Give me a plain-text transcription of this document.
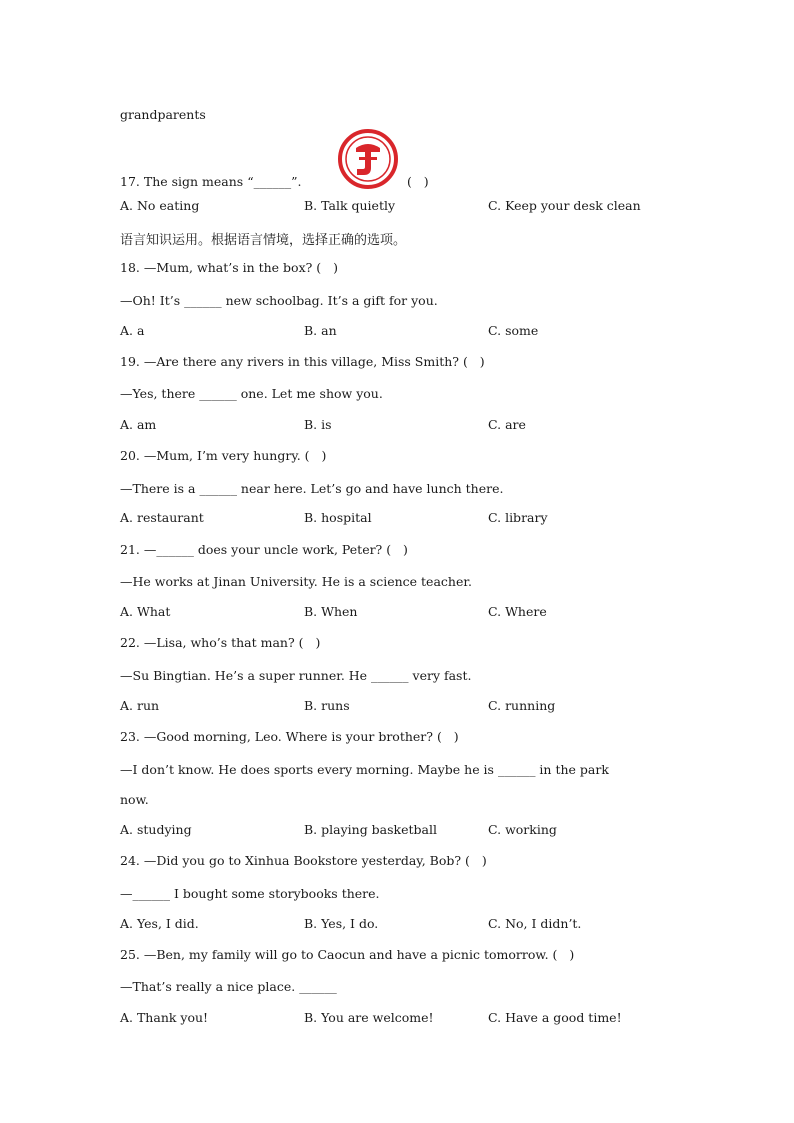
grandparents
17. The sign means “______”.	(   )
A. No eating	B. Talk quietly	C. Keep your desk clean
语言知识运用。根据语言情境，选择正确的选项。
18. —Mum, what’s in the box? (   )
—Oh! It’s ______ new schoolbag. It’s a gift for you.
A. a	B. an	C. some
19. —Are there any rivers in this village, Miss Smith? (   )
—Yes, there ______ one. Let me show you.
A. am	B. is	C. are
20. —Mum, I’m very hungry. (   )
—There is a ______ near here. Let’s go and have lunch there.
A. restaurant	B. hospital	C. library
21. —______ does your uncle work, Peter? (   )
—He works at Jinan University. He is a science teacher.
A. What	B. When	C. Where
22. —Lisa, who’s that man? (   )
—Su Bingtian. He’s a super runner. He ______ very fast.
A. run	B. runs	C. running
23. —Good morning, Leo. Where is your brother? (   )
—I don’t know. He does sports every morning. Maybe he is ______ in the park
now.
A. studying	B. playing basketball	C. working
24. —Did you go to Xinhua Bookstore yesterday, Bob? (   )
—______ I bought some storybooks there.
A. Yes, I did.	B. Yes, I do.	C. No, I didn’t.
25. —Ben, my family will go to Caocun and have a picnic tomorrow. (   )
—That’s really a nice place. ______
A. Thank you!	B. You are welcome!	C. Have a good time!
